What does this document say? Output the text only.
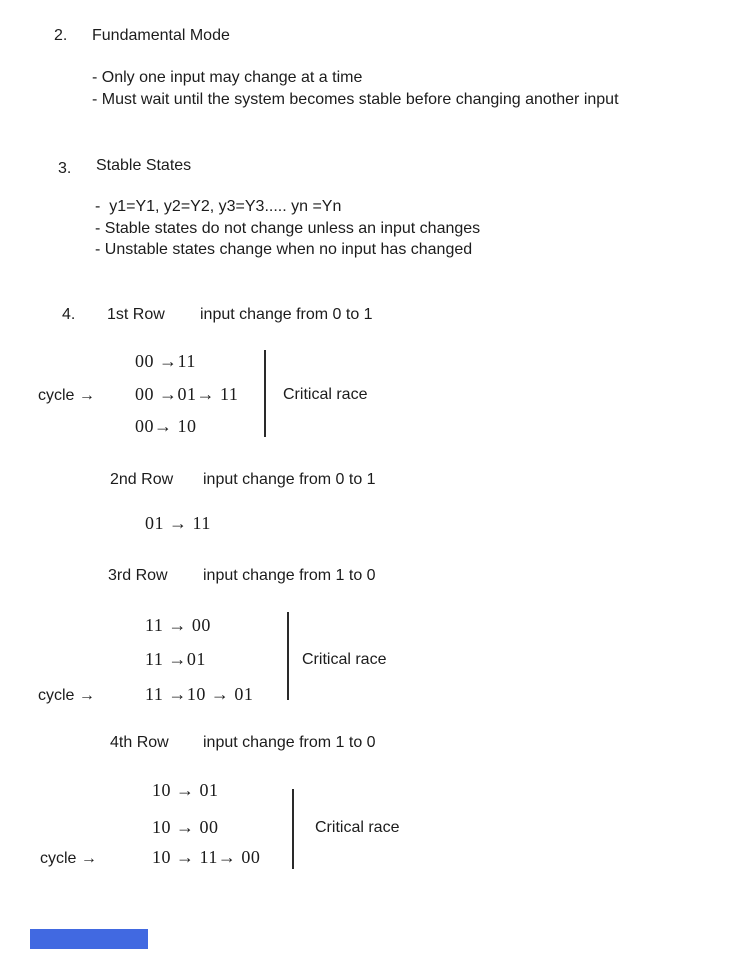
2. Fundamental Mode
- Only one input may change at a time
- Must wait until the system becomes stable before changing another input
3. Stable States
-  y1=Y1, y2=Y2, y3=Y3..... yn =Yn
- Stable states do not change unless an input changes
- Unstable states change when no input has changed
4. 1st Row input change from 0 to 1
00 →11
cycle → 00 →01→ 11
00→ 10
Critical race
2nd Row input change from 0 to 1
01 → 11
3rd Row input change from 1 to 0
11 → 00
11 →01
cycle →	11 →10 → 01
Critical race
4th Row input change from 1 to 0
10 → 01
10 → 00
cycle →	10 → 11→ 00
Critical race
